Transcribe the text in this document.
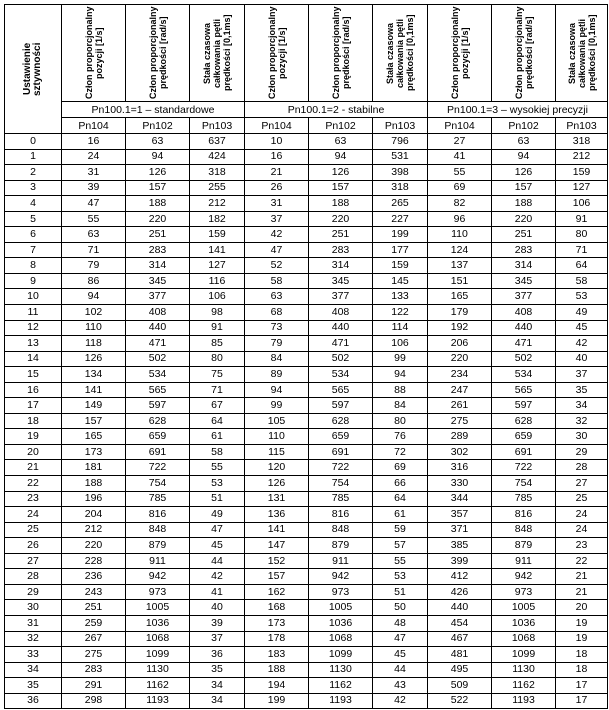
Ustawienie sztywności	Człon proporcjonalny pozycji [1/s]	Człon proporcjonalny prędkości [rad/s]	Stała czasowa całkowania pętli prędkości [0,1ms]	Człon proporcjonalny pozycji [1/s]	Człon proporcjonalny prędkości [rad/s]	Stała czasowa całkowania pętli prędkości [0,1ms]	Człon proporcjonalny pozycji [1/s]	Człon proporcjonalny prędkości [rad/s]	Stała czasowa całkowania pętli prędkości [0,1ms]

	Pn100.1=1 – standardowe			Pn100.1=2 - stabilne			Pn100.1=3 – wysokiej precyzji		
	Pn104	Pn102	Pn103	Pn104	Pn102	Pn103	Pn104	Pn102	Pn103
0	16	63	637	10	63	796	27	63	318
1	24	94	424	16	94	531	41	94	212
2	31	126	318	21	126	398	55	126	159
3	39	157	255	26	157	318	69	157	127
4	47	188	212	31	188	265	82	188	106
5	55	220	182	37	220	227	96	220	91
6	63	251	159	42	251	199	110	251	80
7	71	283	141	47	283	177	124	283	71
8	79	314	127	52	314	159	137	314	64
9	86	345	116	58	345	145	151	345	58
10	94	377	106	63	377	133	165	377	53
11	102	408	98	68	408	122	179	408	49
12	110	440	91	73	440	114	192	440	45
13	118	471	85	79	471	106	206	471	42
14	126	502	80	84	502	99	220	502	40
15	134	534	75	89	534	94	234	534	37
16	141	565	71	94	565	88	247	565	35
17	149	597	67	99	597	84	261	597	34
18	157	628	64	105	628	80	275	628	32
19	165	659	61	110	659	76	289	659	30
20	173	691	58	115	691	72	302	691	29
21	181	722	55	120	722	69	316	722	28
22	188	754	53	126	754	66	330	754	27
23	196	785	51	131	785	64	344	785	25
24	204	816	49	136	816	61	357	816	24
25	212	848	47	141	848	59	371	848	24
26	220	879	45	147	879	57	385	879	23
27	228	911	44	152	911	55	399	911	22
28	236	942	42	157	942	53	412	942	21
29	243	973	41	162	973	51	426	973	21
30	251	1005	40	168	1005	50	440	1005	20
31	259	1036	39	173	1036	48	454	1036	19
32	267	1068	37	178	1068	47	467	1068	19
33	275	1099	36	183	1099	45	481	1099	18
34	283	1130	35	188	1130	44	495	1130	18
35	291	1162	34	194	1162	43	509	1162	17
36	298	1193	34	199	1193	42	522	1193	17
